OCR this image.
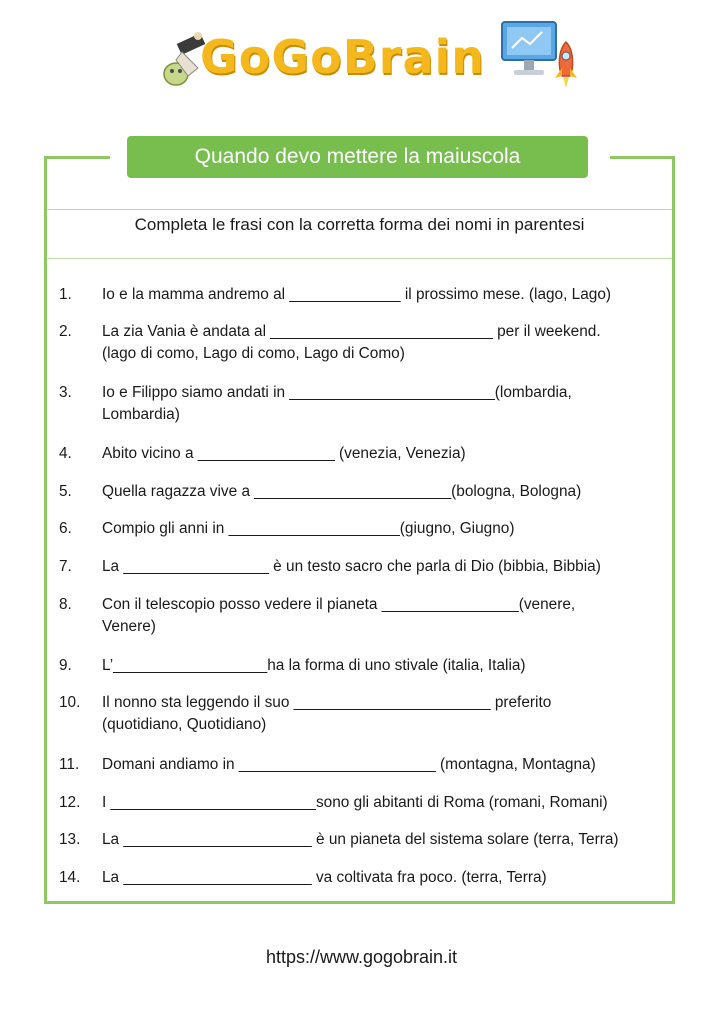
GoGoBrain
Quando devo mettere la maiuscola
Completa le frasi con la corretta forma dei nomi in parentesi
1. Io e la mamma andremo al _____________ il prossimo mese. (lago, Lago)
2. La zia Vania è andata al __________________________ per il weekend.
(lago di como, Lago di como, Lago di Como)
3. Io e Filippo siamo andati in ________________________(lombardia,
Lombardia)
4. Abito vicino a ________________ (venezia, Venezia)
5. Quella ragazza vive a _______________________(bologna, Bologna)
6. Compio gli anni in ____________________(giugno, Giugno)
7. La _________________ è un testo sacro che parla di Dio (bibbia, Bibbia)
8. Con il telescopio posso vedere il pianeta ________________(venere,
Venere)
9. L’__________________ha la forma di uno stivale (italia, Italia)
10. Il nonno sta leggendo il suo _______________________ preferito
(quotidiano, Quotidiano)
11. Domani andiamo in _______________________ (montagna, Montagna)
12. I ________________________sono gli abitanti di Roma (romani, Romani)
13. La ______________________ è un pianeta del sistema solare (terra, Terra)
14. La ______________________ va coltivata fra poco. (terra, Terra)
https://www.gogobrain.it
